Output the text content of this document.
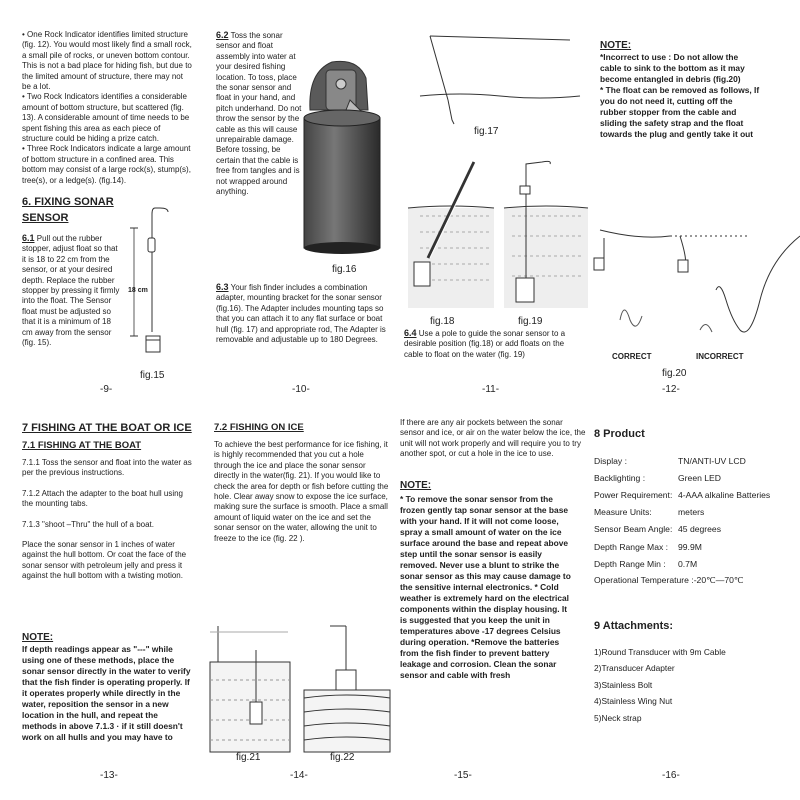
• One Rock Indicator identifies limited structure (fig. 12). You would most likely find a small rock, a small pile of rocks, or uneven bottom contour. This is not a bad place for hiding fish, but due to the limited amount of structure, there may not be a lot.

• Two Rock Indicators identifies a considerable amount of bottom structure, but scattered (fig. 13). A considerable amount of time needs to be spent fishing this area as each piece of structure could be hiding a prize catch.

• Three Rock Indicators indicate a large amount of bottom structure in a confined area. This bottom may consist of a large rock(s), stump(s), tree(s), or a ledge(s). (fig.14).

6. FIXING SONAR

SENSOR

6.1 Pull out the rubber stopper, adjust float so that it is 18 to 22 cm from the sensor, or at your desired depth. Replace the rubber stopper by pressing it firmly into the float. The Sensor float must be adjusted so that it is a minimum of 18 cm away from the sensor (fig. 15).
18 cm
fig.15
-9-
6.2 Toss the sonar sensor and float assembly into water at your desired fishing location. To toss, place the sonar sensor and float in your hand, and pitch underhand. Do not throw the sensor by the cable as this will cause unrepairable damage. Before tossing, be certain that the cable is free from tangles and is not wrapped around anything.
fig.16
6.3 Your fish finder includes a combination adapter, mounting bracket for the sonar sensor (fig.16). The Adapter includes mounting taps so that you can attach it to any flat surface or boat hull (fig. 17) and appropriate rod, The Adapter is removable and adjustable up to 180 Degrees.
-10-
fig.17
fig.18	fig.19
6.4 Use a pole to guide the sonar sensor to a desirable position (fig.18) or add floats on the cable to float on the water (fig. 19)
-11-
NOTE:

*Incorrect to use : Do not allow the cable to sink to the bottom as it may become entangled in debris (fig.20)

* The float can be removed as follows, If you do not need it, cutting off the rubber stopper from the cable and sliding the safety strap and the float towards the plug and gently take it out

CORRECT	INCORRECT
fig.20
-12-

7 FISHING AT THE BOAT OR ICE

7.1 FISHING AT THE BOAT

7.1.1 Toss the sensor and float into the water as per the previous instructions.

7.1.2 Attach the adapter to the boat hull using the mounting tabs.

7.1.3 "shoot –Thru" the hull of a boat.

Place the sonar sensor in 1 inches of water against the hull bottom. Or coat the face of the sonar sensor with petroleum jelly and press it against the hull bottom with a twisting motion.

NOTE:

If depth readings appear as "---" while using one of these methods, place the sonar sensor directly in the water to verify that the fish finder is operating properly. If it operates properly while directly in the water, reposition the sensor in a new location in the hull, and repeat the methods in above 7.1.3 · if it still doesn't work on all hulls and you may have to

-13-

7.2 FISHING ON ICE

To achieve the best performance for ice fishing, it is highly recommended that you cut a hole through the ice and place the sonar sensor directly in the water(fig. 21). If you would like to check the area for depth or fish before cutting the hole. Clear away snow to expose the ice surface, making sure the surface is smooth. Place a small amount of liquid water on the ice and set the sonar sensor on the water, allowing the unit to freeze to the ice (fig. 22 ).

fig.21	fig.22
-14-

If there are any air pockets between the sonar sensor and ice, or air on the water below the ice, the unit will not work properly and will require you to try another spot, or cut a hole in the ice to use.

NOTE:

* To remove the sonar sensor from the frozen gently tap sonar sensor at the base with your hand. If it will not come loose, spray a small amount of water on the ice surface around the base and repeat above step until the sonar sensor is easily removed. Never use a blunt to strike the sonar sensor as this may cause damage to the sensitive internal electronics. * Cold weather is extremely hard on the electrical components within the display housing. It is suggested that you keep the unit in temperatures above -17 degrees Celsius during operation. *Remove the batteries from the fish finder to prevent battery leakage and corrosion. Clean the sonar sensor and cable with fresh

-15-

8 Product

Display :	TN/ANTI-UV LCD
Backlighting :	Green LED
Power Requirement:	4-AAA alkaline Batteries
Measure Units:	meters
Sensor Beam Angle:	45 degrees
Depth Range Max :	99.9M
Depth Range Min :	0.7M
Operational Temperature :-20℃—70℃	

9 Attachments:

1)Round Transducer with 9m Cable

2)Transducer Adapter

3)Stainless Bolt

4)Stainless Wing Nut

5)Neck strap

-16-
